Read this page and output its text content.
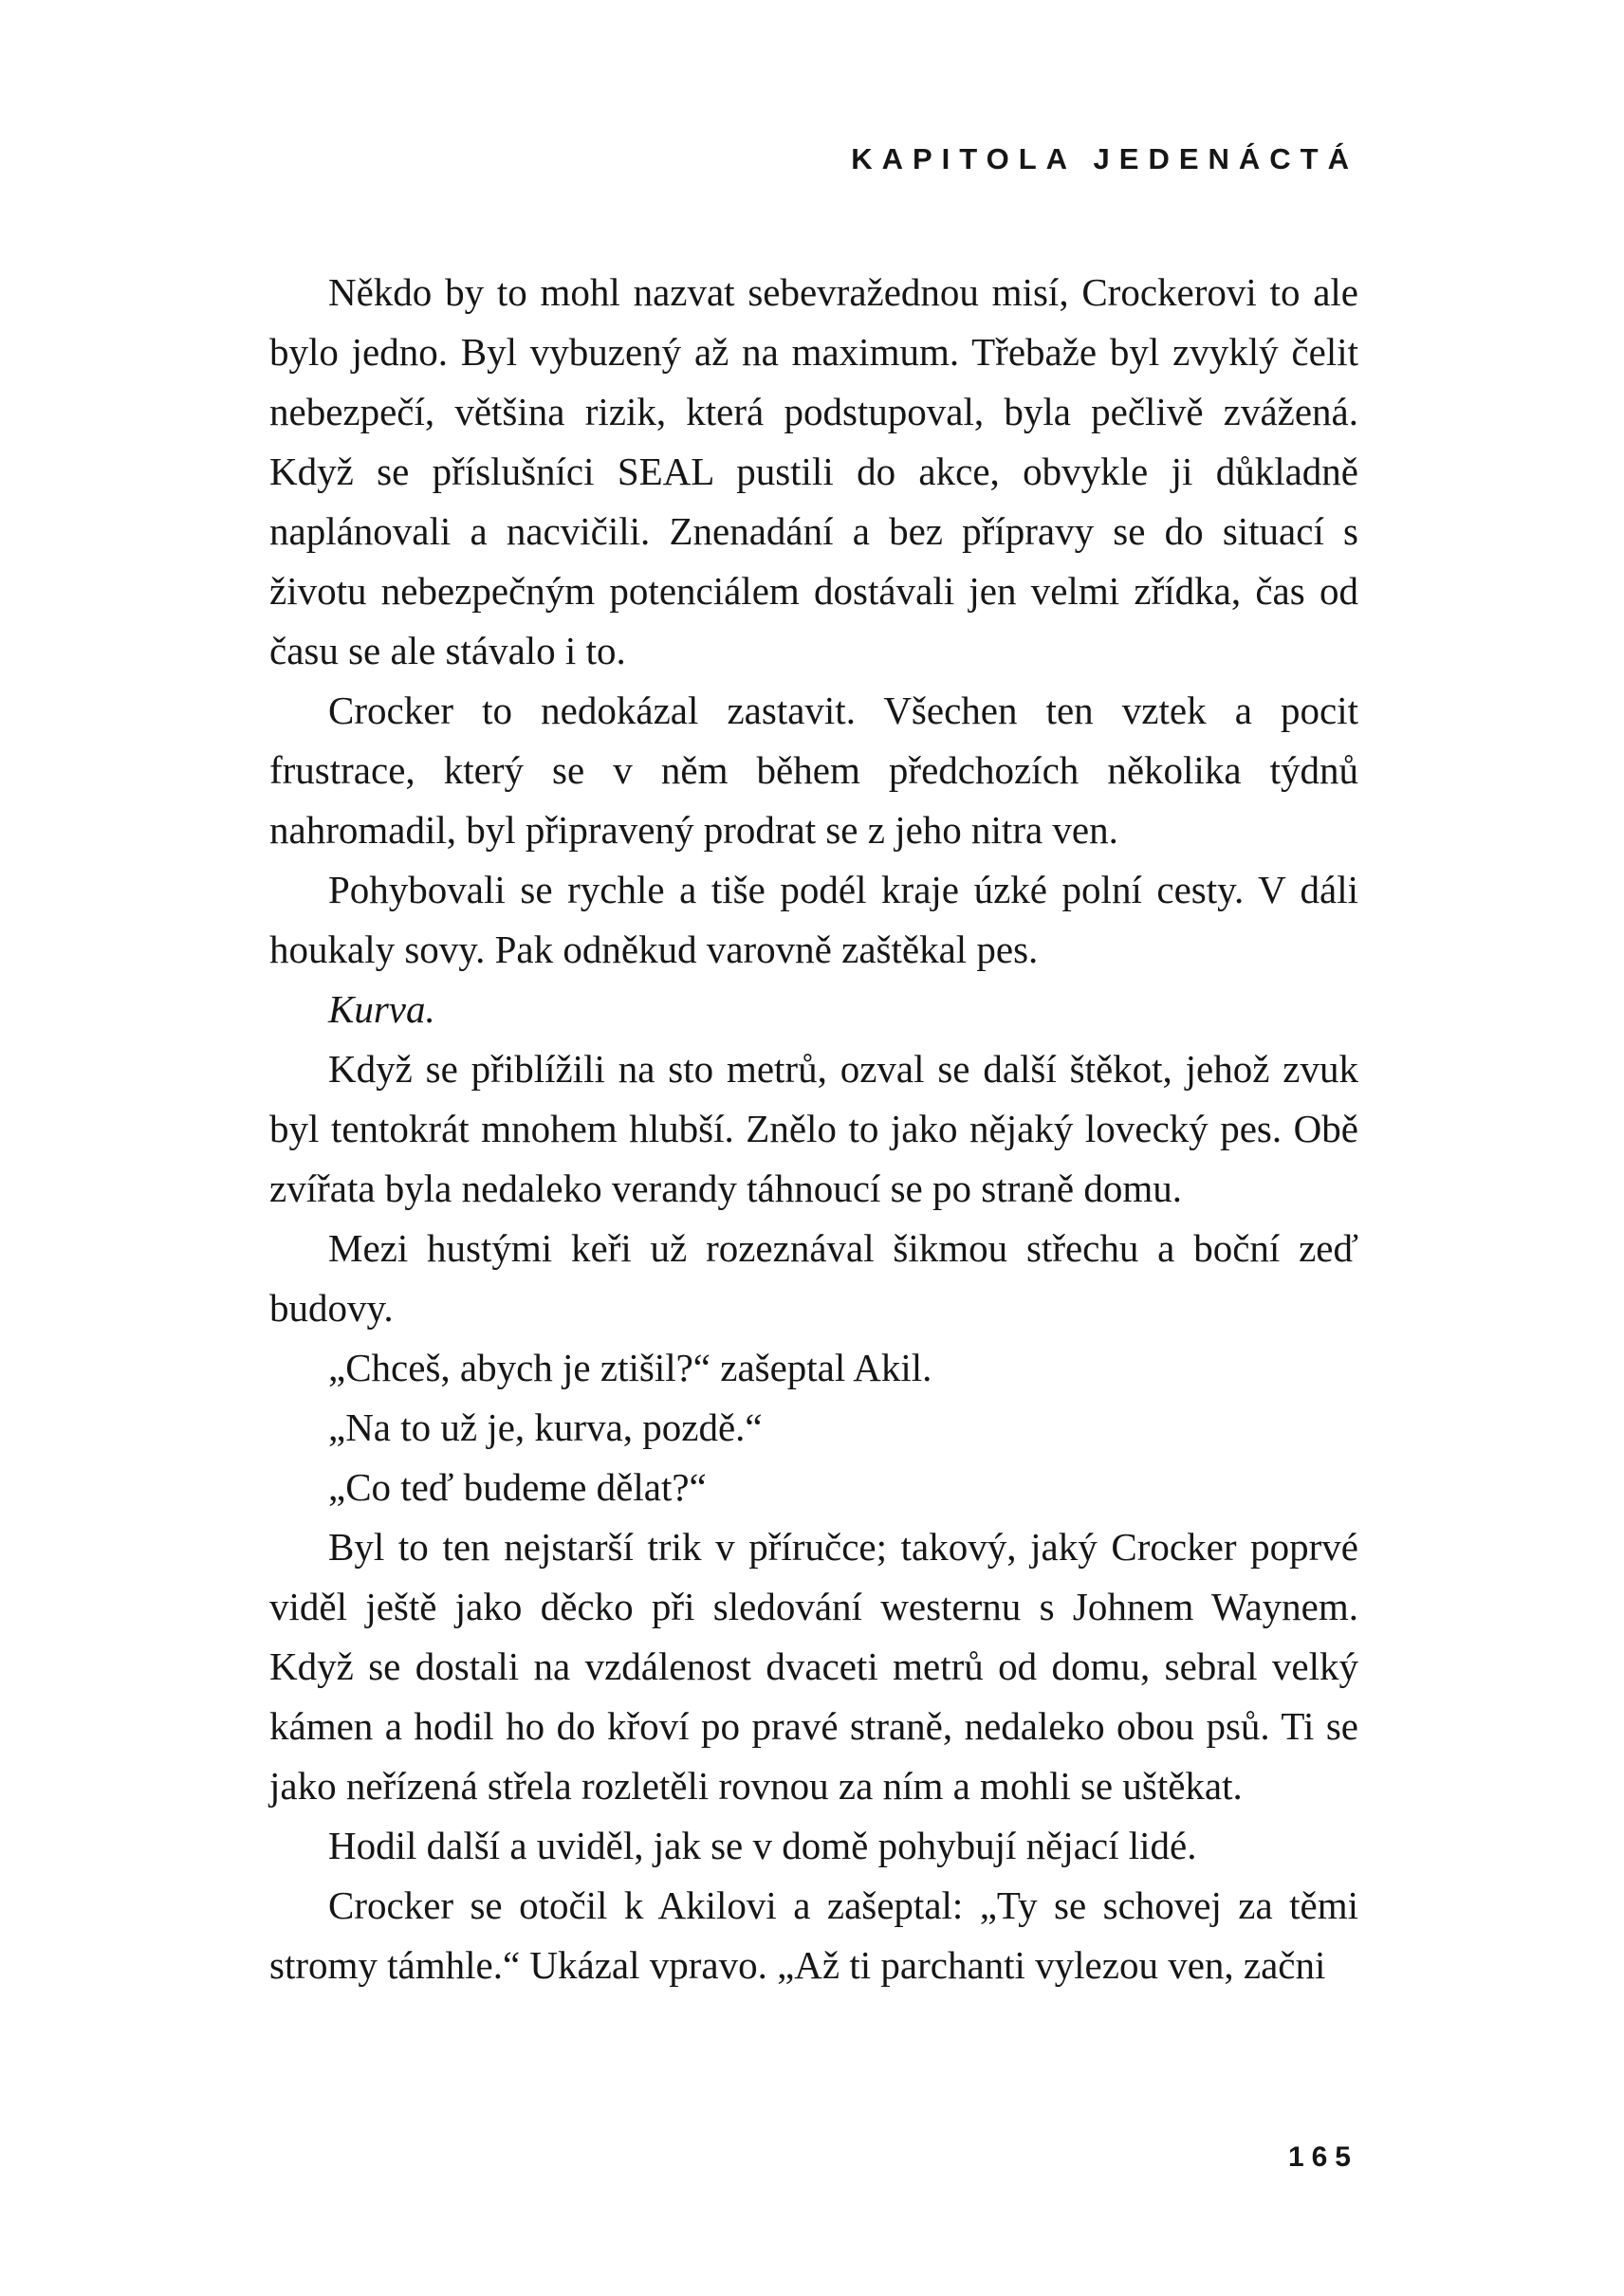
KAPITOLA JEDENÁCTÁ

Někdo by to mohl nazvat sebevražednou misí, Crockerovi to ale bylo jedno. Byl vybuzený až na maximum. Třebaže byl zvyklý čelit nebezpečí, většina rizik, která podstupoval, byla pečlivě zvážená. Když se příslušníci SEAL pustili do akce, obvykle ji důkladně naplánovali a nacvičili. Znenadání a bez přípravy se do situací s životu nebezpečným potenciálem dostávali jen velmi zřídka, čas od času se ale stávalo i to.

Crocker to nedokázal zastavit. Všechen ten vztek a pocit frustrace, který se v něm během předchozích několika týdnů nahromadil, byl připravený prodrat se z jeho nitra ven.

Pohybovali se rychle a tiše podél kraje úzké polní cesty. V dáli houkaly sovy. Pak odněkud varovně zaštěkal pes.

Kurva.

Když se přiblížili na sto metrů, ozval se další štěkot, jehož zvuk byl tentokrát mnohem hlubší. Znělo to jako nějaký lovecký pes. Obě zvířata byla nedaleko verandy táhnoucí se po straně domu.

Mezi hustými keři už rozeznával šikmou střechu a boční zeď budovy.

„Chceš, abych je ztišil?“ zašeptal Akil.

„Na to už je, kurva, pozdě.“

„Co teď budeme dělat?“

Byl to ten nejstarší trik v příručce; takový, jaký Crocker poprvé viděl ještě jako děcko při sledování westernu s Johnem Waynem. Když se dostali na vzdálenost dvaceti metrů od domu, sebral velký kámen a hodil ho do křoví po pravé straně, nedaleko obou psů. Ti se jako neřízená střela rozletěli rovnou za ním a mohli se uštěkat.

Hodil další a uviděl, jak se v domě pohybují nějací lidé.

Crocker se otočil k Akilovi a zašeptal: „Ty se schovej za těmi stromy támhle.“ Ukázal vpravo. „Až ti parchanti vylezou ven, začni

165
